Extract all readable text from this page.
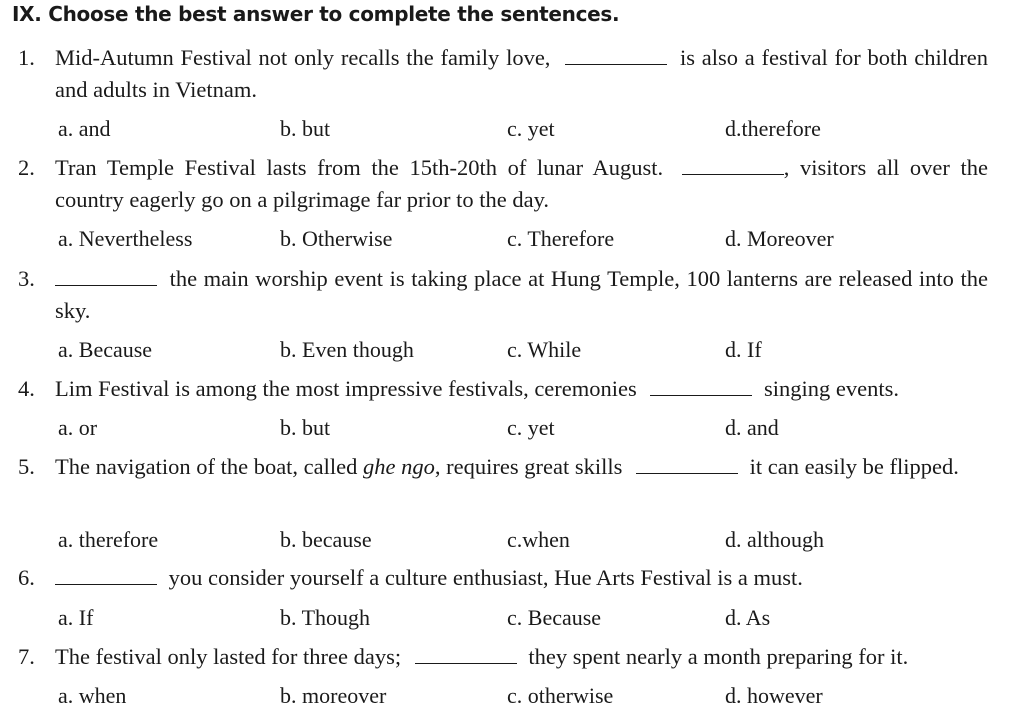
IX. Choose the best answer to complete the sentences.
1. Mid-Autumn Festival not only recalls the family love,	is also a festival for both children and adults in Vietnam.
a. and	b. but	c. yet	d.therefore
2. Tran Temple Festival lasts from the 15th-20th of lunar August.	, visitors all over the country eagerly go on a pilgrimage far prior to the day.
a. Nevertheless	b. Otherwise	c. Therefore	d. Moreover
3.	the main worship event is taking place at Hung Temple, 100 lanterns are released into the sky.
a. Because	b. Even though	c. While	d. If
4. Lim Festival is among the most impressive festivals, ceremonies	singing events.
a. or	b. but	c. yet	d. and
5. The navigation of the boat, called ghe ngo, requires great skills	it can easily be flipped.
a. therefore	b. because	c.when	d. although
6.	you consider yourself a culture enthusiast, Hue Arts Festival is a must.
a. If	b. Though	c. Because	d. As
7. The festival only lasted for three days;	they spent nearly a month preparing for it.
a. when	b. moreover	c. otherwise	d. however
